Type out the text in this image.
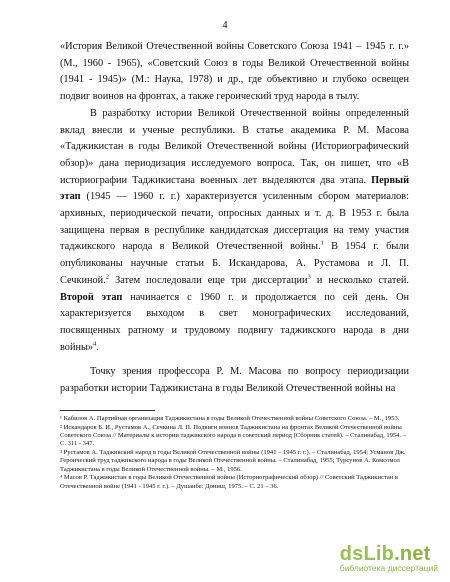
4

«История Великой Отечественной войны Советского Союза 1941 – 1945 г. г.» (М., 1960 - 1965), «Советский Союз в годы Великой Отечественной войны (1941 - 1945)» (М.: Наука, 1978) и др., где объективно и глубоко освещен подвиг воинов на фронтах, а также героический труд народа в тылу.

В разработку истории Великой Отечественной войны определенный вклад внесли и ученые республики. В статье академика Р. М. Масова «Таджикистан в годы Великой Отечественной войны (Историографический обзор)» дана периодизация исследуемого вопроса. Так, он пишет, что «В историографии Таджикистана военных лет выделяются два этапа. Первый этап (1945 — 1960 г. г.) характеризуется усиленным сбором материалов: архивных, периодической печати, опросных данных и т. д. В 1953 г. была защищена первая в республике кандидатская диссертация на тему участия таджикского народа в Великой Отечественной войны.$^1$ В 1954 г. были опубликованы научные статьи Б. Искандарова, А. Рустамова и Л. П. Сечкиной.$^2$ Затем последовали еще три диссертации$^3$ и несколько статей. Второй этап начинается с 1960 г. и продолжается по сей день. Он характеризуется выходом в свет монографических исследований, посвященных ратному и трудовому подвигу таджикского народа в дни войны»$^4$.

Точку зрения профессора Р. М. Масова по вопросу периодизации разработки истории Таджикистана в годы Великой Отечественной войны на

¹ Кабилов А. Партийная организация Таджикистана в годы Великой Отечественной войны Советского Союза. – М., 1953.
² Искандаров Б. И., Рустамов А., Сечкина Л. П. Подвиги воинов Таджикистана на фронтах Великой Отечественной войны Советского Союза // Материалы к истории таджикского народа в советский период (Сборник статей). – Сталинабад, 1954. – С. 311 - 347.
³ Рустамов А. Таджикский народ в годы Великой Отечественной войны (1941 – 1945 г. г.). – Сталинабад, 1954; Усманов Дж. Героический труд таджикского народа в годы Великой Отечественной войны. – Сталинабад, 1955; Турсунов А. Комсомол Таджикистана в годы Великой Отечественной войны. – М., 1956.
⁴ Масов Р. Таджикистан в годы Великой Отечественной войны (Историографический обзор) // Советский Таджикистан в Отечественной войне (1941 - 1945 г. г.). – Душанбе: Дониш, 1975. – С. 21 – 36.
dsLib.net
библиотека диссертаций
